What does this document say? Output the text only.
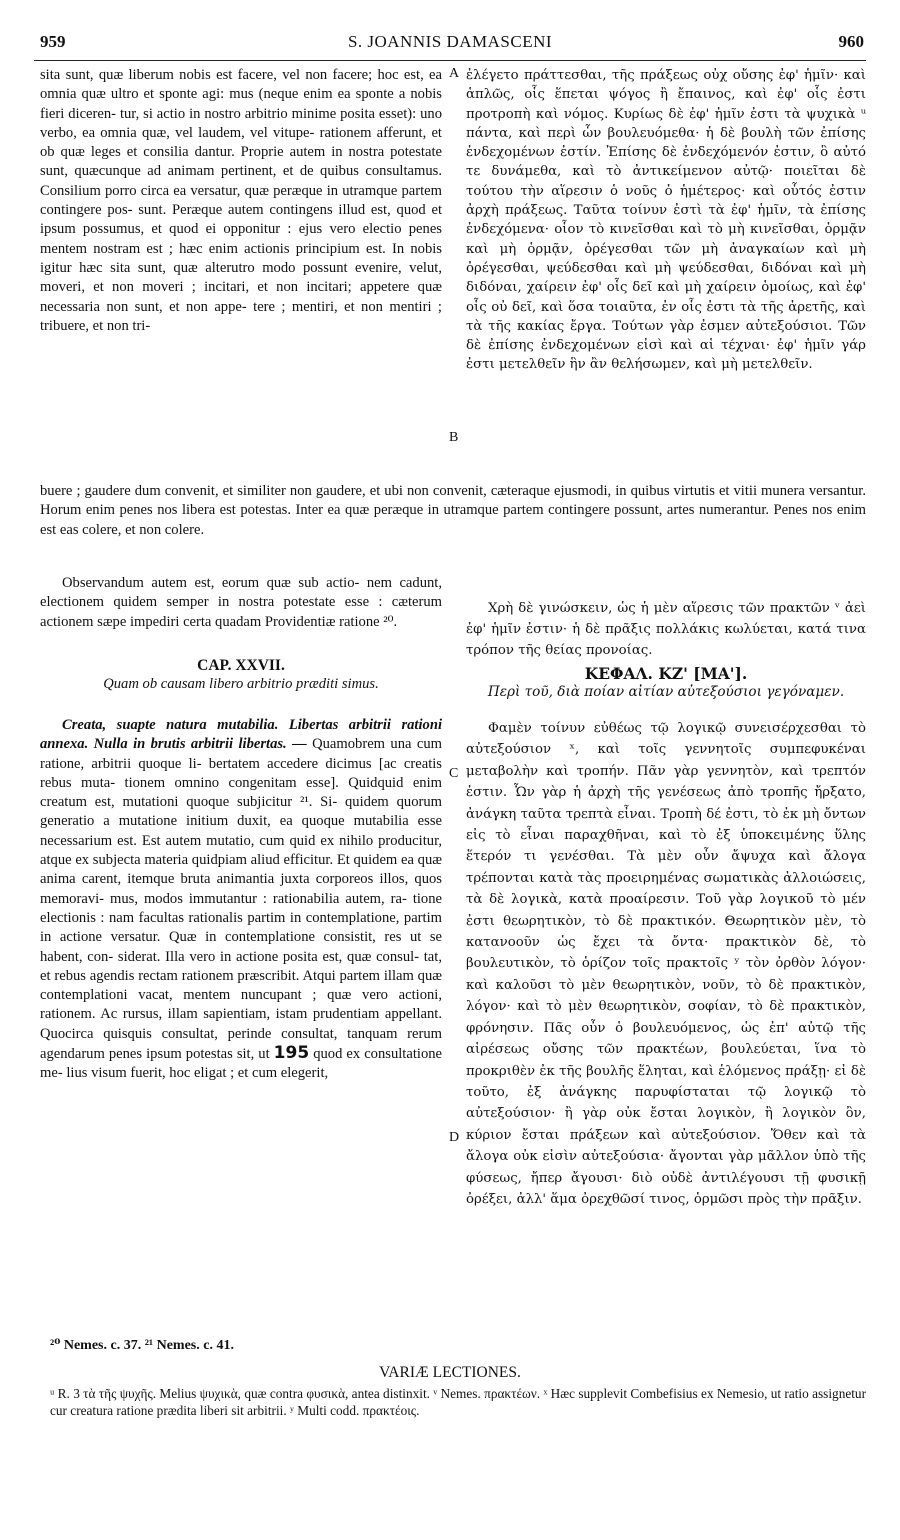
959	S. JOANNIS DAMASCENI	960

sita sunt, quæ liberum nobis est facere, vel non facere; hoc est, ea omnia quæ ultro et sponte agi: mus (neque enim ea sponte a nobis fieri diceren- tur, si actio in nostro arbitrio minime posita esset): uno verbo, ea omnia quæ, vel laudem, vel vitupe- rationem afferunt, et ob quæ leges et consilia dantur. Proprie autem in nostra potestate sunt, quæcunque ad animam pertinent, et de quibus consultamus. Consilium porro circa ea versatur, quæ peræque in utramque partem contingere pos- sunt. Peræque autem contingens illud est, quod et ipsum possumus, et quod ei opponitur : ejus vero electio penes mentem nostram est ; hæc enim actionis principium est. In nobis igitur hæc sita sunt, quæ alterutro modo possunt evenire, velut, moveri, et non moveri ; incitari, et non incitari; appetere quæ necessaria non sunt, et non appe- tere ; mentiri, et non mentiri ; tribuere, et non tri-

ἐλέγετο πράττεσθαι, τῆς πράξεως οὐχ οὔσης ἐφ' ἡμῖν· καὶ ἁπλῶς, οἷς ἕπεται ψόγος ἢ ἔπαινος, καὶ ἐφ' οἷς ἐστι προτροπὴ καὶ νόμος. Κυρίως δὲ ἐφ' ἡμῖν ἐστι τὰ ψυχικὰ ᵘ πάντα, καὶ περὶ ὧν βουλευόμεθα· ἡ δὲ βουλὴ τῶν ἐπίσης ἐνδεχομένων ἐστίν. Ἐπίσης δὲ ἐνδεχόμενόν ἐστιν, ὃ αὐτό τε δυνάμεθα, καὶ τὸ ἀντικείμενον αὐτῷ· ποιεῖται δὲ τούτου τὴν αἵρεσιν ὁ νοῦς ὁ ἡμέτερος· καὶ οὗτός ἐστιν ἀρχὴ πράξεως. Ταῦτα τοίνυν ἐστὶ τὰ ἐφ' ἡμῖν, τὰ ἐπίσης ἐνδεχόμενα· οἷον τὸ κινεῖσθαι καὶ τὸ μὴ κινεῖσθαι, ὁρμᾷν καὶ μὴ ὁρμᾷν, ὀρέγεσθαι τῶν μὴ ἀναγκαίων καὶ μὴ ὀρέγεσθαι, ψεύδεσθαι καὶ μὴ ψεύδεσθαι, διδόναι καὶ μὴ διδόναι, χαίρειν ἐφ' οἷς δεῖ καὶ μὴ χαίρειν ὁμοίως, καὶ ἐφ' οἷς οὐ δεῖ, καὶ ὅσα τοιαῦτα, ἐν οἷς ἐστι τὰ τῆς ἀρετῆς, καὶ τὰ τῆς κακίας ἔργα. Τούτων γὰρ ἐσμεν αὐτεξούσιοι. Τῶν δὲ ἐπίσης ἐνδεχομένων εἰσὶ καὶ αἱ τέχναι· ἐφ' ἡμῖν γάρ ἐστι μετελθεῖν ἣν ἂν θελήσωμεν, καὶ μὴ μετελθεῖν.

A
B
C
D

buere ; gaudere dum convenit, et similiter non gaudere, et ubi non convenit, cæteraque ejusmodi, in quibus virtutis et vitii munera versantur. Horum enim penes nos libera est potestas. Inter ea quæ peræque in utramque partem contingere possunt, artes numerantur. Penes nos enim est eas colere, et non colere.

Observandum autem est, eorum quæ sub actio- nem cadunt, electionem quidem semper in nostra potestate esse : cæterum actionem sæpe impediri certa quadam Providentiæ ratione ²⁰.

Χρὴ δὲ γινώσκειν, ὡς ἡ μὲν αἵρεσις τῶν πρακτῶν ᵛ ἀεὶ ἐφ' ἡμῖν ἐστιν· ἡ δὲ πρᾶξις πολλάκις κωλύεται, κατά τινα τρόπον τῆς θείας προνοίας.

CAP. XXVII.

Quam ob causam libero arbitrio præditi simus.

ΚΕΦΑΛ. ΚΖ' [ΜΑ'].

Περὶ τοῦ, διὰ ποίαν αἰτίαν αὐτεξούσιοι γεγόναμεν.

Creata, suapte natura mutabilia. Libertas arbitrii rationi annexa. Nulla in brutis arbitrii libertas. — Quamobrem una cum ratione, arbitrii quoque li- bertatem accedere dicimus [ac creatis rebus muta- tionem omnino congenitam esse]. Quidquid enim creatum est, mutationi quoque subjicitur ²¹. Si- quidem quorum generatio a mutatione initium duxit, ea quoque mutabilia esse necessarium est. Est autem mutatio, cum quid ex nihilo producitur, atque ex subjecta materia quidpiam aliud efficitur. Et quidem ea quæ anima carent, itemque bruta animantia juxta corporeos illos, quos memoravi- mus, modos immutantur : rationabilia autem, ra- tione electionis : nam facultas rationalis partim in contemplatione, partim in actione versatur. Quæ in contemplatione consistit, res ut se habent, con- siderat. Illa vero in actione posita est, quæ consul- tat, et rebus agendis rectam rationem præscribit. Atqui partem illam quæ contemplationi vacat, mentem nuncupant ; quæ vero actioni, rationem. Ac rursus, illam sapientiam, istam prudentiam appellant. Quocirca quisquis consultat, perinde consultat, tanquam rerum agendarum penes ipsum potestas sit, ut 195 quod ex consultatione me- lius visum fuerit, hoc eligat ; et cum elegerit,

Φαμὲν τοίνυν εὐθέως τῷ λογικῷ συνεισέρχεσθαι τὸ αὐτεξούσιον ˣ, καὶ τοῖς γεννητοῖς συμπεφυκέναι μεταβολὴν καὶ τροπήν. Πᾶν γὰρ γεννητὸν, καὶ τρεπτόν ἐστιν. Ὧν γὰρ ἡ ἀρχὴ τῆς γενέσεως ἀπὸ τροπῆς ἤρξατο, ἀνάγκη ταῦτα τρεπτὰ εἶναι. Τροπὴ δέ ἐστι, τὸ ἐκ μὴ ὄντων εἰς τὸ εἶναι παραχθῆναι, καὶ τὸ ἐξ ὑποκειμένης ὕλης ἕτερόν τι γενέσθαι. Τὰ μὲν οὖν ἄψυχα καὶ ἄλογα τρέπονται κατὰ τὰς προειρημένας σωματικὰς ἀλλοιώσεις, τὰ δὲ λογικὰ, κατὰ προαίρεσιν. Τοῦ γὰρ λογικοῦ τὸ μέν ἐστι θεωρητικὸν, τὸ δὲ πρακτικόν. Θεωρητικὸν μὲν, τὸ κατανοοῦν ὡς ἔχει τὰ ὄντα· πρακτικὸν δὲ, τὸ βουλευτικὸν, τὸ ὁρίζον τοῖς πρακτοῖς ʸ τὸν ὀρθὸν λόγον· καὶ καλοῦσι τὸ μὲν θεωρητικὸν, νοῦν, τὸ δὲ πρακτικὸν, λόγον· καὶ τὸ μὲν θεωρητικὸν, σοφίαν, τὸ δὲ πρακτικὸν, φρόνησιν. Πᾶς οὖν ὁ βουλευόμενος, ὡς ἐπ' αὐτῷ τῆς αἱρέσεως οὔσης τῶν πρακτέων, βουλεύεται, ἵνα τὸ προκριθὲν ἐκ τῆς βουλῆς ἕληται, καὶ ἑλόμενος πράξῃ· εἰ δὲ τοῦτο, ἐξ ἀνάγκης παρυφίσταται τῷ λογικῷ τὸ αὐτεξούσιον· ἢ γὰρ οὐκ ἔσται λογικὸν, ἢ λογικὸν ὂν, κύριον ἔσται πράξεων καὶ αὐτεξούσιον. Ὅθεν καὶ τὰ ἄλογα οὐκ εἰσὶν αὐτεξούσια· ἄγονται γὰρ μᾶλλον ὑπὸ τῆς φύσεως, ἤπερ ἄγουσι· διὸ οὐδὲ ἀντιλέγουσι τῇ φυσικῇ ὀρέξει, ἀλλ' ἅμα ὀρεχθῶσί τινος, ὁρμῶσι πρὸς τὴν πρᾶξιν.

²⁰ Nemes. c. 37. ²¹ Nemes. c. 41.
VARIÆ LECTIONES.
ᵘ R. 3 τὰ τῆς ψυχῆς. Melius ψυχικὰ, quæ contra φυσικὰ, antea distinxit. ᵛ Nemes. πρακτέων. ˣ Hæc supplevit Combefisius ex Nemesio, ut ratio assignetur cur creatura ratione prædita liberi sit arbitrii. ʸ Multi codd. πρακτέοις.
